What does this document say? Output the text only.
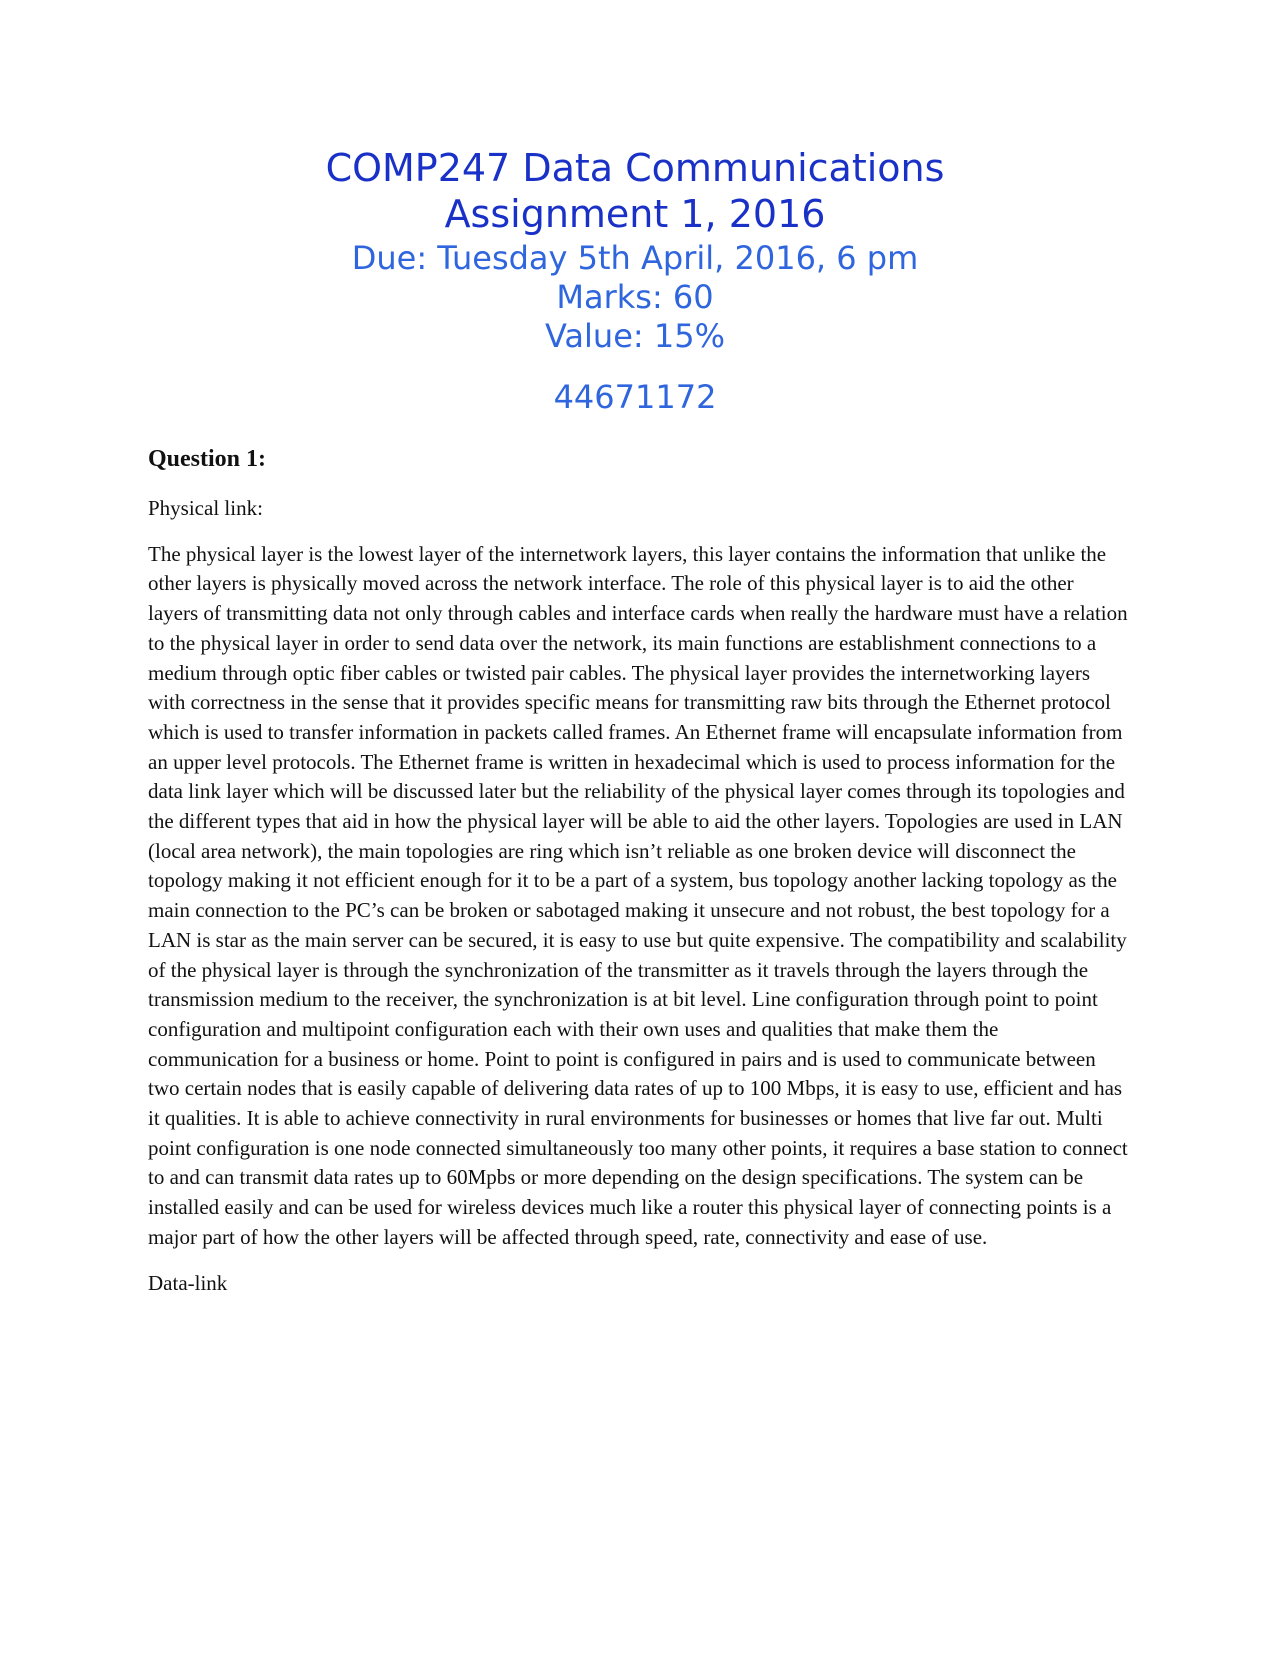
COMP247 Data Communications
Assignment 1, 2016
Due: Tuesday 5th April, 2016, 6 pm
Marks: 60
Value: 15%
44671172

Question 1:

Physical link:

The physical layer is the lowest layer of the internetwork layers, this layer contains the information that unlike the other layers is physically moved across the network interface. The role of this physical layer is to aid the other layers of transmitting data not only through cables and interface cards when really the hardware must have a relation to the physical layer in order to send data over the network, its main functions are establishment connections to a medium through optic fiber cables or twisted pair cables. The physical layer provides the internetworking layers with correctness in the sense that it provides specific means for transmitting raw bits through the Ethernet protocol which is used to transfer information in packets called frames. An Ethernet frame will encapsulate information from an upper level protocols. The Ethernet frame is written in hexadecimal which is used to process information for the data link layer which will be discussed later but the reliability of the physical layer comes through its topologies and the different types that aid in how the physical layer will be able to aid the other layers. Topologies are used in LAN (local area network), the main topologies are ring which isn’t reliable as one broken device will disconnect the topology making it not efficient enough for it to be a part of a system, bus topology another lacking topology as the main connection to the PC’s can be broken or sabotaged making it unsecure and not robust, the best topology for a LAN is star as the main server can be secured, it is easy to use but quite expensive. The compatibility and scalability of the physical layer is through the synchronization of the transmitter as it travels through the layers through the transmission medium to the receiver, the synchronization is at bit level. Line configuration through point to point configuration and multipoint configuration each with their own uses and qualities that make them the communication for a business or home. Point to point is configured in pairs and is used to communicate between two certain nodes that is easily capable of delivering data rates of up to 100 Mbps, it is easy to use, efficient and has it qualities. It is able to achieve connectivity in rural environments for businesses or homes that live far out. Multi point configuration is one node connected simultaneously too many other points, it requires a base station to connect to and can transmit data rates up to 60Mpbs or more depending on the design specifications. The system can be installed easily and can be used for wireless devices much like a router this physical layer of connecting points is a major part of how the other layers will be affected through speed, rate, connectivity and ease of use.

Data-link
